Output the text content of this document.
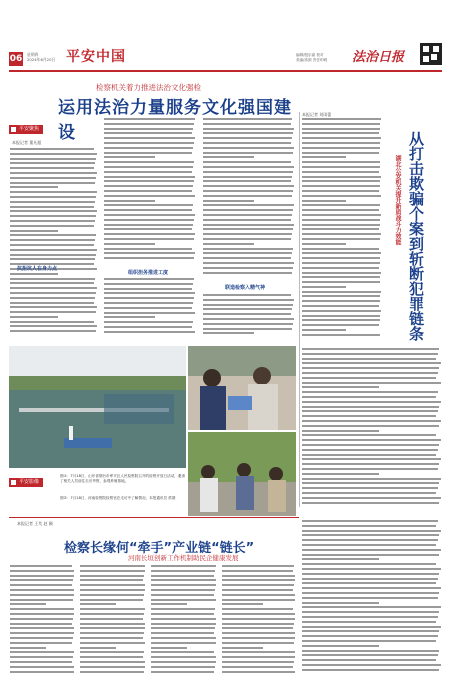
06 星期四
2024年6月20日 平安中国	编辑/殷乐嘉 校对
美编/高源 责任印刷	法治日报
检察机关着力推进法治文化强检
运用法治力量服务文化强国建设
平安聚焦
本报记者 董凡超
抗拒坑人在身力点
组织担务推进工度
联造检察入精气神
本报记者 刘雨蕾
从打击欺骗个案到斩断犯罪链条
湖北公安机关提升新质战斗力效能
图①：7月18日，山东省烟台市牟平区人民检察院召开的检察开放日活动，邀请了相关人员前往走访考察，参观养殖基地。
图②：7月18日，河南检察院检察官在走访中了解情况。本报通讯员 供图
平安影像
本报记者 王芃 赵 颖
检察长缘何“牵手”产业链“链长”
河南长垣创新工作机制助民企健康发展
